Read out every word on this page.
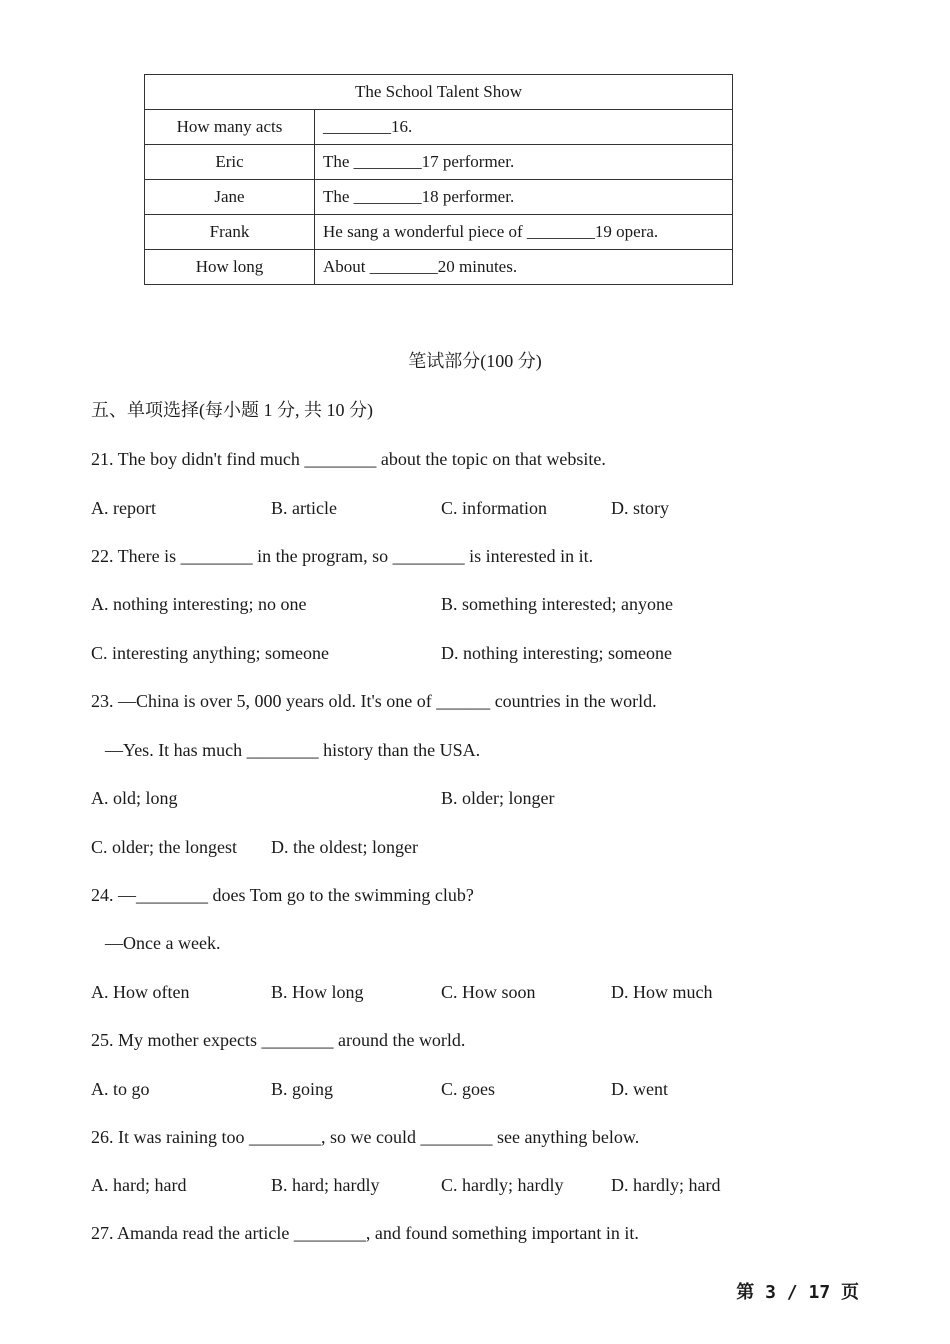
The School Talent Show	
How many acts	________16.
Eric	The ________17 performer.
Jane	The ________18 performer.
Frank	He sang a wonderful piece of ________19 opera.
How long	About ________20 minutes.
笔试部分(100 分)
五、单项选择(每小题 1 分, 共 10 分)
21. The boy didn't find much ________ about the topic on that website.
A. report	B. article	C. information	D. story
22. There is ________ in the program, so ________ is interested in it.
A. nothing interesting; no one	B. something interested; anyone
C. interesting anything; someone	D. nothing interesting; someone
23. —China is over 5, 000 years old. It's one of ______ countries in the world.
—Yes. It has much ________ history than the USA.
A. old; long	B. older; longer
C. older; the longest D. the oldest; longer
24. —________ does Tom go to the swimming club?
—Once a week.
A. How often	B. How long	C. How soon	D. How much
25. My mother expects ________ around the world.
A. to go	B. going	C. goes	D. went
26. It was raining too ________, so we could ________ see anything below.
A. hard; hard	B. hard; hardly	C. hardly; hardly	D. hardly; hard
27. Amanda read the article ________, and found something important in it.
第 3 / 17 页
